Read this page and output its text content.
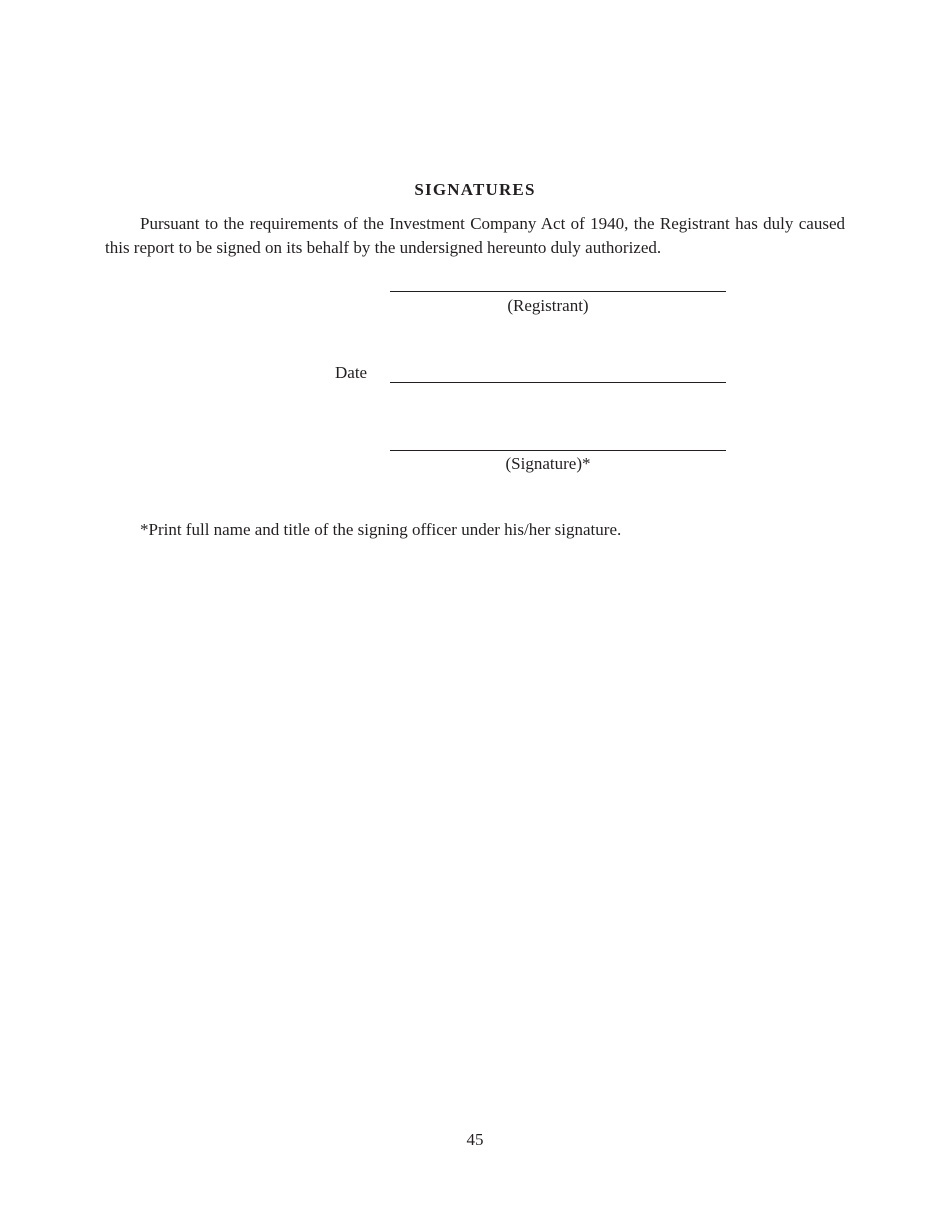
SIGNATURES
Pursuant to the requirements of the Investment Company Act of 1940, the Registrant has duly caused this report to be signed on its behalf by the undersigned hereunto duly authorized.
(Registrant)
Date
(Signature)*
*Print full name and title of the signing officer under his/her signature.
45
